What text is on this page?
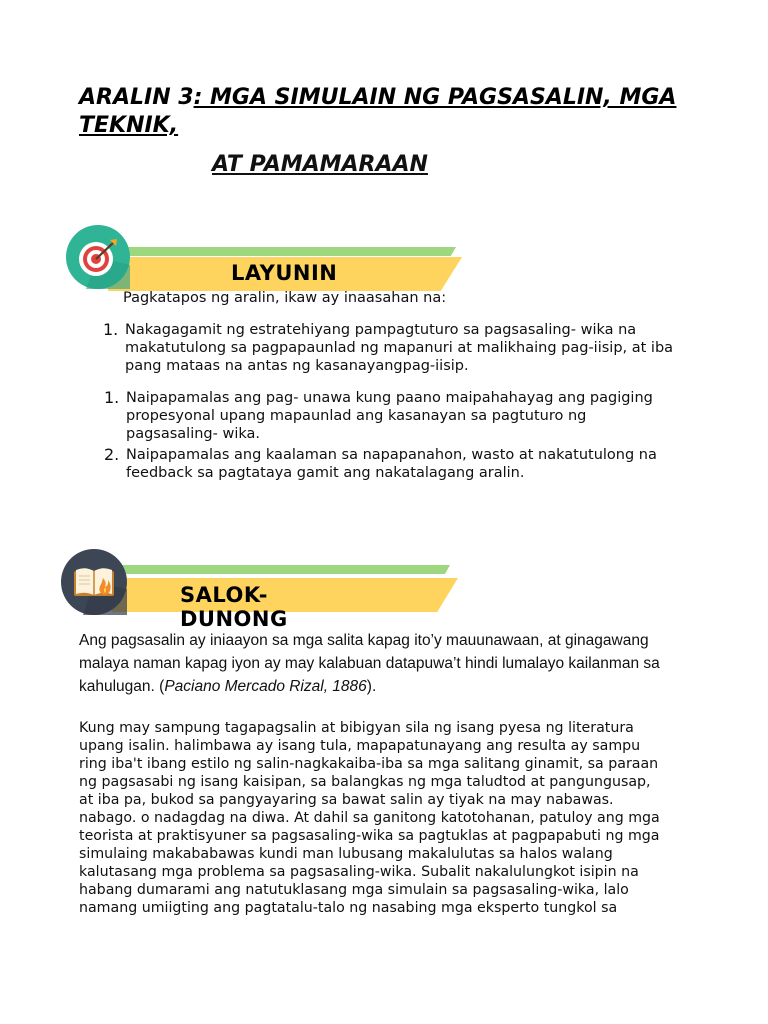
ARALIN 3: MGA SIMULAIN NG PAGSASALIN, MGA
TEKNIK,
AT PAMAMARAAN
LAYUNIN
Pagkatapos ng aralin, ikaw ay inaasahan na:
1. Nakagagamit ng estratehiyang pampagtuturo sa pagsasaling- wika na
makatutulong sa pagpapaunlad ng mapanuri at malikhaing pag-iisip, at iba
pang mataas na antas ng kasanayangpag-iisip.
1. Naipapamalas ang pag- unawa kung paano maipahahayag ang pagiging
propesyonal upang mapaunlad ang kasanayan sa pagtuturo ng
pagsasaling- wika.
2. Naipapamalas ang kaalaman sa napapanahon, wasto at nakatutulong na
feedback sa pagtataya gamit ang nakatalagang aralin.
SALOK-DUNONG
Ang pagsasalin ay iniaayon sa mga salita kapag ito’y mauunawaan, at ginagawang
malaya naman kapag iyon ay may kalabuan datapuwa’t hindi lumalayo kailanman sa
kahulugan. (Paciano Mercado Rizal, 1886).
Kung may sampung tagapagsalin at bibigyan sila ng isang pyesa ng literatura
upang isalin. halimbawa ay isang tula, mapapatunayang ang resulta ay sampu
ring iba't ibang estilo ng salin-nagkakaiba-iba sa mga salitang ginamit, sa paraan
ng pagsasabi ng isang kaisipan, sa balangkas ng mga taludtod at pangungusap,
at iba pa, bukod sa pangyayaring sa bawat salin ay tiyak na may nabawas.
nabago. o nadagdag na diwa. At dahil sa ganitong katotohanan, patuloy ang mga
teorista at praktisyuner sa pagsasaling-wika sa pagtuklas at pagpapabuti ng mga
simulaing makababawas kundi man lubusang makalulutas sa halos walang
kalutasang mga problema sa pagsasaling-wika. Subalit nakalulungkot isipin na
habang dumarami ang natutuklasang mga simulain sa pagsasaling-wika, lalo
namang umiigting ang pagtatalu-talo ng nasabing mga eksperto tungkol sa
